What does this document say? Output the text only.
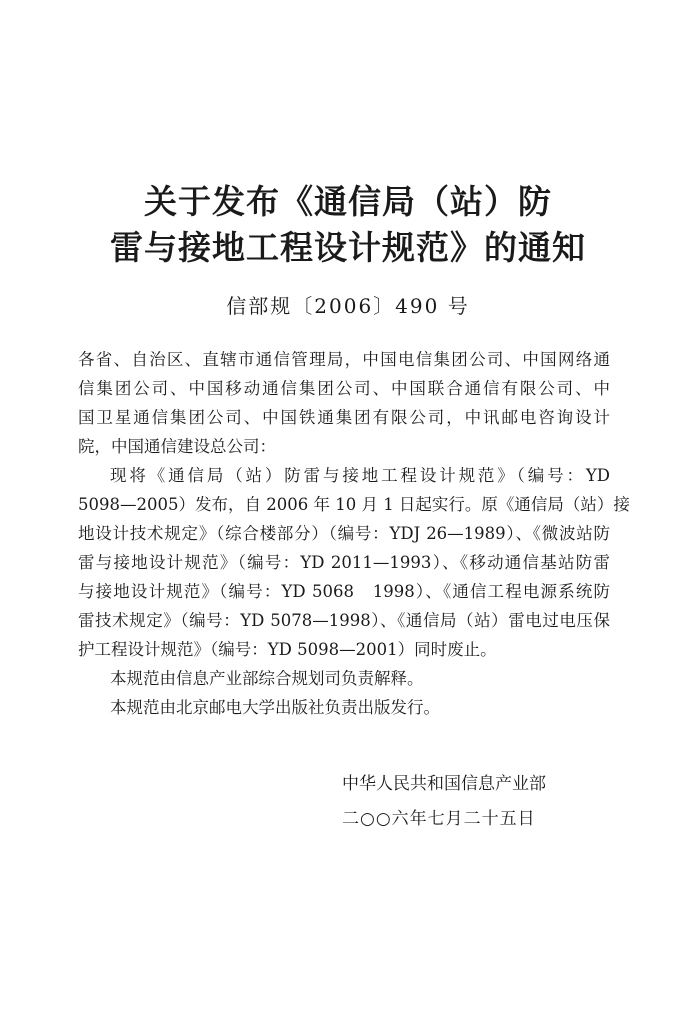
关于发布《通信局（站）防
雷与接地工程设计规范》的通知
信部规〔2006〕490 号
各省、自治区、直辖市通信管理局，中国电信集团公司、中国网络通
信集团公司、中国移动通信集团公司、中国联合通信有限公司、中
国卫星通信集团公司、中国铁通集团有限公司，中讯邮电咨询设计
院，中国通信建设总公司：
现将《通信局（站）防雷与接地工程设计规范》（编号：YD
5098—2005）发布，自 2006 年 10 月 1 日起实行。原《通信局（站）接
地设计技术规定》（综合楼部分）（编号：YDJ 26—1989）、《微波站防
雷与接地设计规范》（编号：YD 2011—1993）、《移动通信基站防雷
与接地设计规范》（编号：YD 5068　1998）、《通信工程电源系统防
雷技术规定》（编号：YD 5078—1998）、《通信局（站）雷电过电压保
护工程设计规范》（编号：YD 5098—2001）同时废止。
本规范由信息产业部综合规划司负责解释。
本规范由北京邮电大学出版社负责出版发行。
中华人民共和国信息产业部
二○○六年七月二十五日
